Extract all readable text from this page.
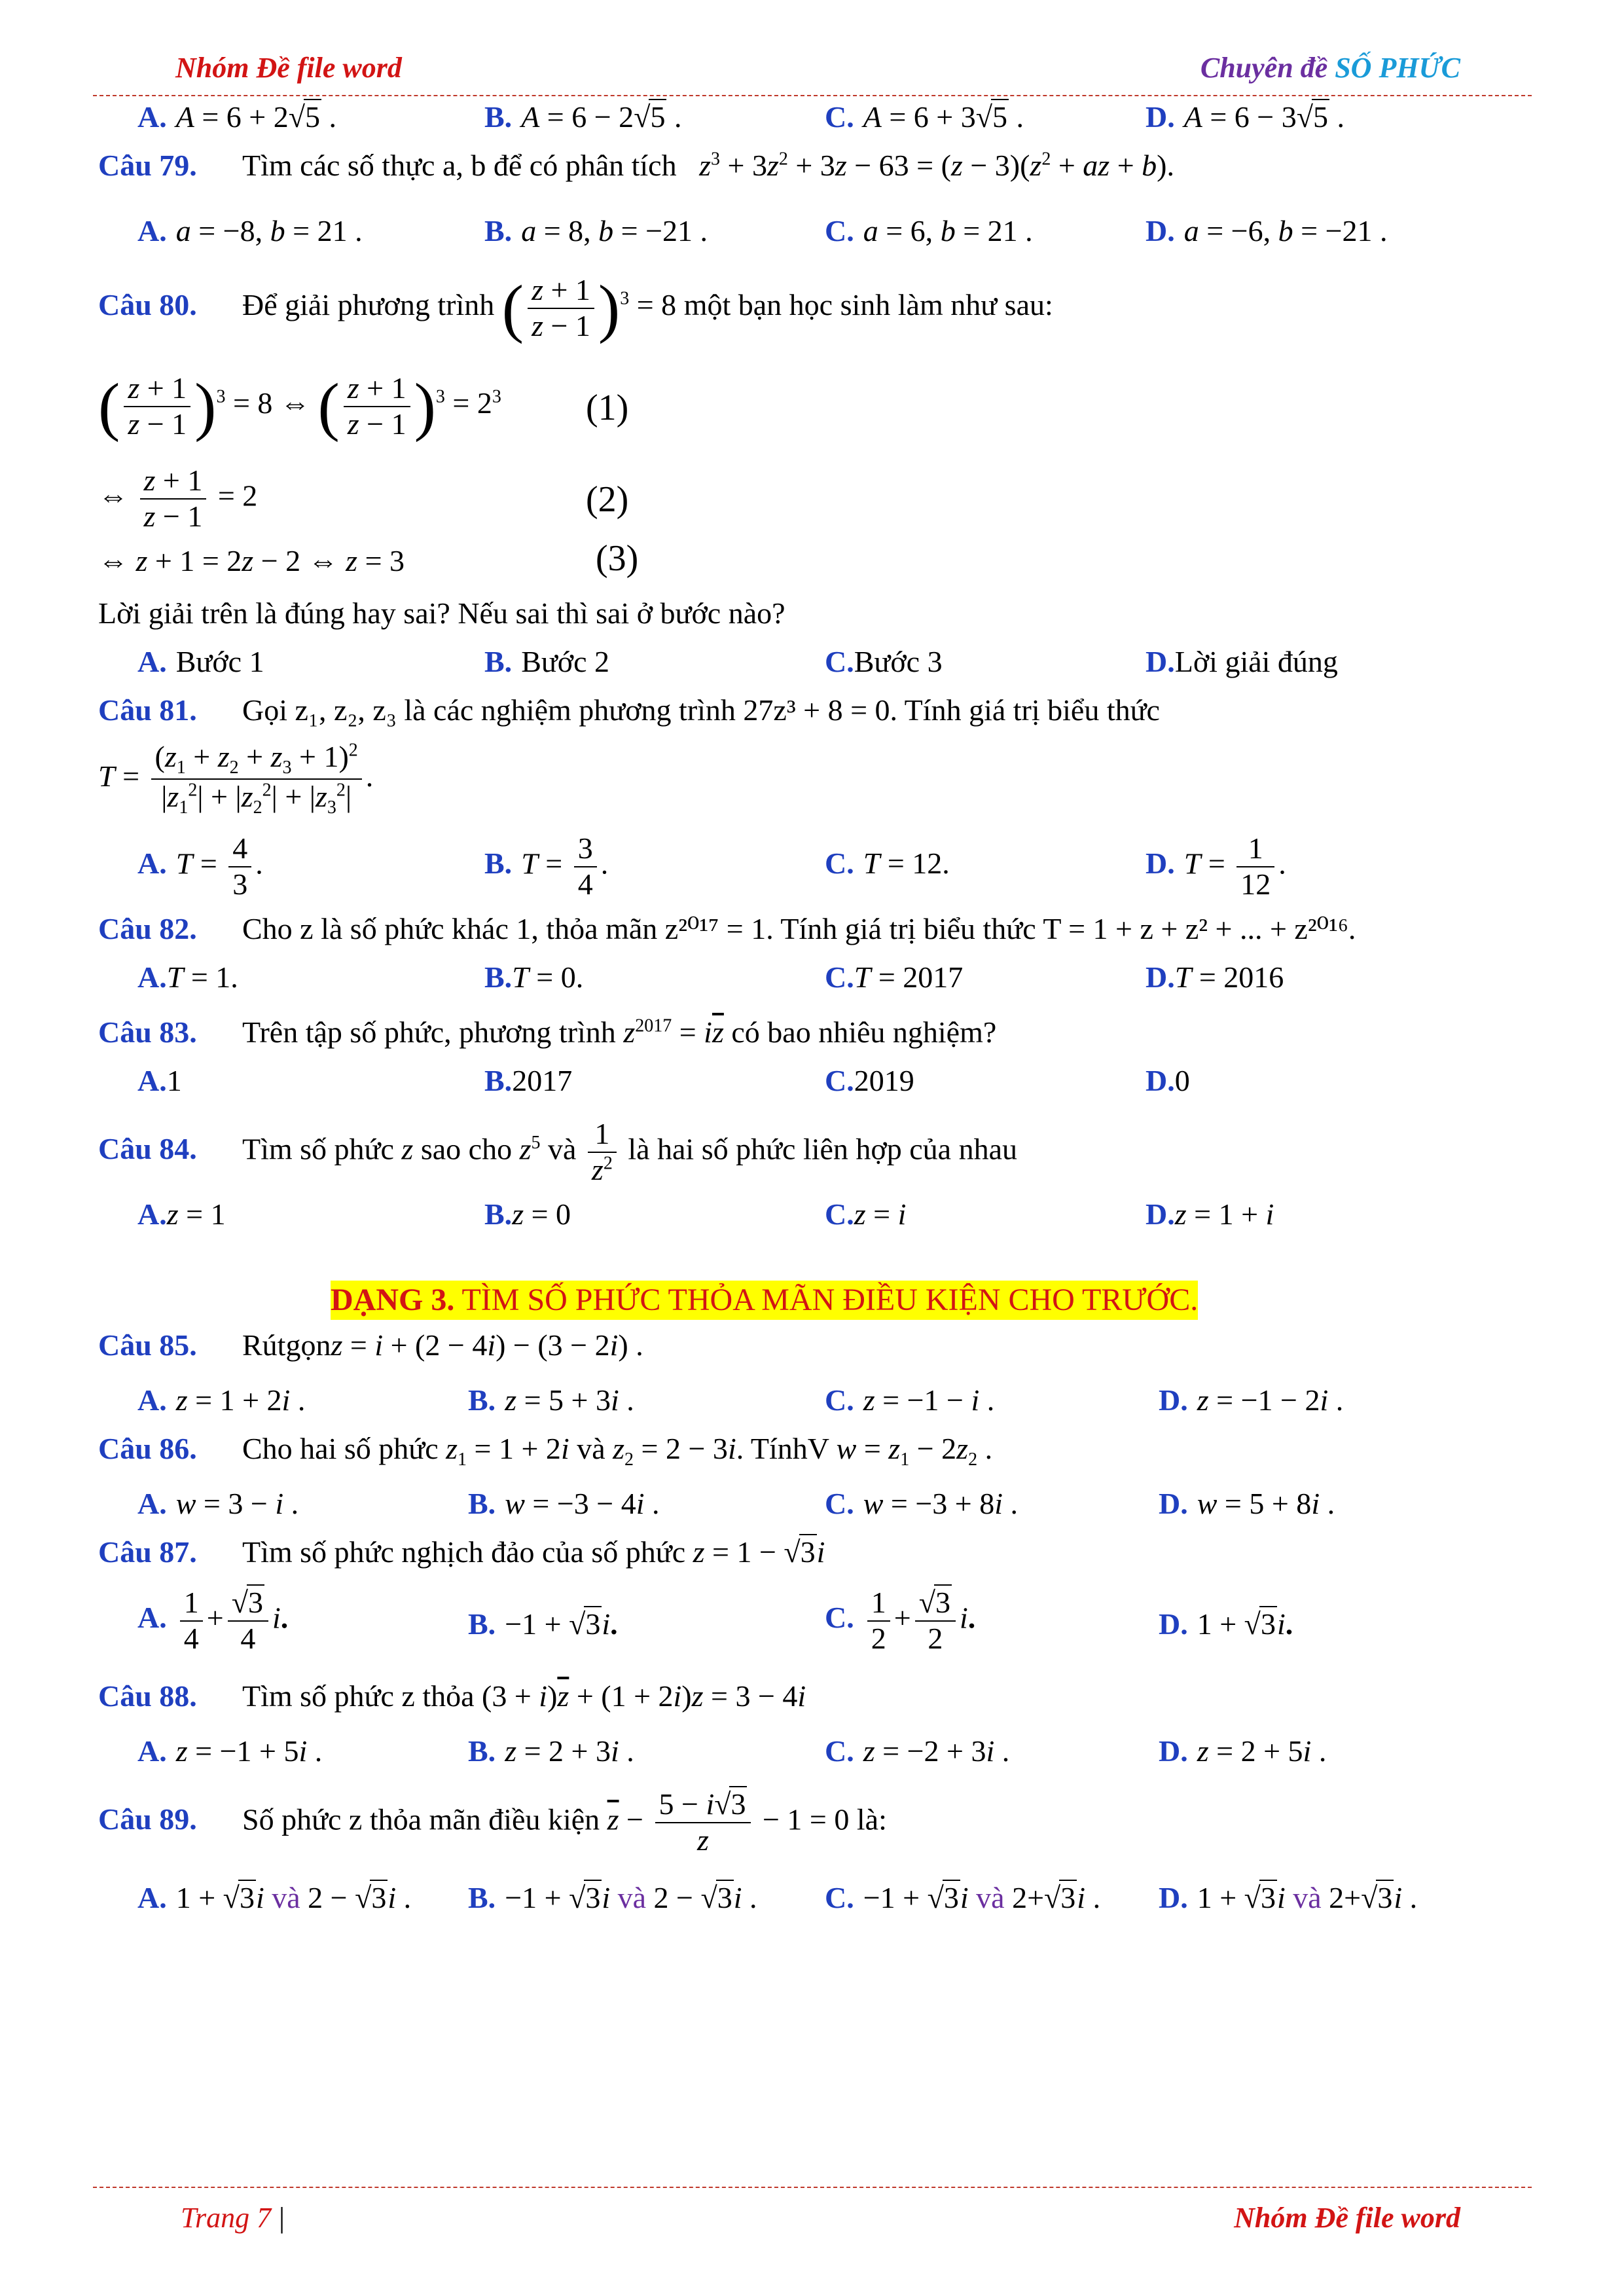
Nhóm Đề file word	Chuyên đề SỐ PHỨC
A. A = 6 + 2√5 .	B. A = 6 − 2√5 .	C. A = 6 + 3√5 .	D. A = 6 − 3√5 .
Câu 79. Tìm các số thực a, b để có phân tích $z^3 + 3z^2 + 3z - 63 = (z - 3)(z^2$ + az + b).
A. a = −8, b = 21 .	B. a = 8, b = −21 .	C. a = 6, b = 21 .	D. a = −6, b = −21 .
Câu 80. Để giải phương trình ( $\frac{z + 1}{z - 1} )^3 = 8$ một bạn học sinh làm như sau:
( $\frac{z + 1}{z - 1} )^3 = 8$ ⇔ ( $\frac{z + 1}{z - 1} )^3 = 2^3$ (1)
⇔ $\frac{z + 1}{z - 1} = 2$	(2)
⇔ z + 1 = 2z − 2 ⇔ z = 3	(3)
Lời giải trên là đúng hay sai? Nếu sai thì sai ở bước nào?
A. Bước 1	B. Bước 2	C.Bước 3	D.Lời giải đúng
Câu 81. Gọi z₁, z₂, z₃ là các nghiệm phương trình 27z³ + 8 = 0. Tính giá trị biểu thức
$T = \frac{(z_1 + z_2 + z_3 + 1)^2}{|z_1^2| + |z_2^2| + |z_3^2|}$ .
A. $T = \frac{4}{3}$ .	B. $T = \frac{3}{4}$ .	C. T = 12.	D. $T = \frac{1}{12}$ .
Câu 82. Cho z là số phức khác 1, thỏa mãn z²⁰¹⁷ = 1. Tính giá trị biểu thức T = 1 + z + z² + ... + z²⁰¹⁶.
A.T = 1.	B.T = 0.	C.T = 2017	D.T = 2016
Câu 83. Trên tập số phức, phương trình $z^{2017} = i\overline{z}$ có bao nhiêu nghiệm?
A.1	B.2017	C.2019	D.0
Câu 84. Tìm số phức z sao cho $z^5$ và $\frac{1}{z^2}$ là hai số phức liên hợp của nhau
A.z = 1	B.z = 0	C.z = i	D.z = 1 + i
DẠNG 3. TÌM SỐ PHỨC THỎA MÃN ĐIỀU KIỆN CHO TRƯỚC.
Câu 85. Rútgọnz = i + (2 − 4i) − (3 − 2i) .
A. z = 1 + 2i .	B. z = 5 + 3i .	C. z = −1 − i .	D. z = −1 − 2i .
Câu 86. Cho hai số phức $z_1 = 1 + 2i$ và $z_2 = 2 - 3i$. TínhV $w = z_1 - 2z_2$ .
A. w = 3 − i .	B. w = −3 − 4i .	C. w = −3 + 8i .	D. w = 5 + 8i .
Câu 87. Tìm số phức nghịch đảo của số phức z = 1 − √3i
A. $\frac{1}{4} + \frac{√3}{4} i$.	B. −1 + √3i.	C. $\frac{1}{2} + \frac{√3}{2} i$.	D. 1 + √3i.
Câu 88. Tìm số phức z thỏa $(3 + i)\overline{z} + (1 + 2i)z = 3 - 4i$
A. z = −1 + 5i .	B. z = 2 + 3i .	C. z = −2 + 3i .	D. z = 2 + 5i .
Câu 89. Số phức z thỏa mãn điều kiện $\overline{z} - \frac{5 - i√3}{z} - 1 = 0$ là:
A. 1 + √3i và 2 − √3i . B. −1 + √3i và 2 − √3i . C. −1 + √3i và 2+√3i . D. 1 + √3i và 2+√3i .
Trang 7 |	Nhóm Đề file word
